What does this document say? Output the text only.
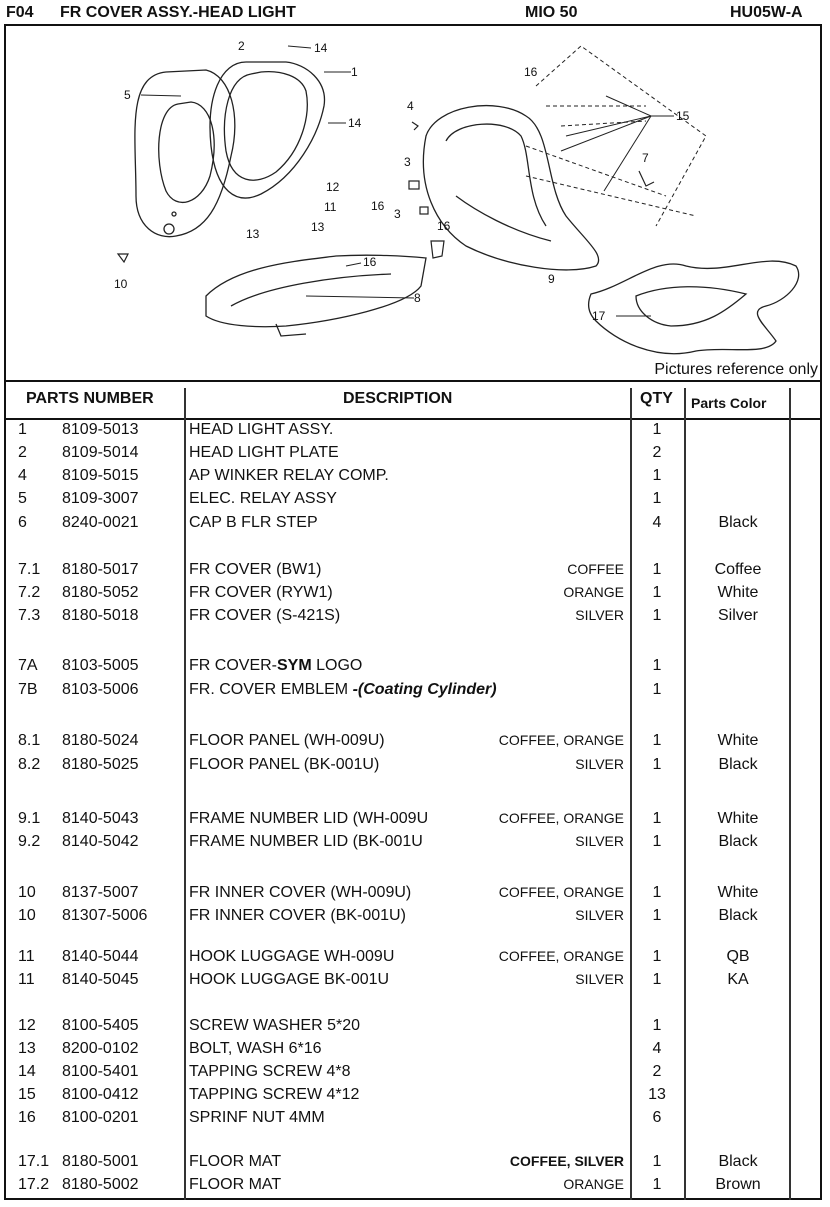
F04 FR COVER ASSY.-HEAD LIGHT	MIO 50	HU05W-A
5
1
2	14
14
4
3
3
16
15
7
9
17
8
10
11
12
13	13
16
16
16
Pictures reference only
PARTS NUMBER	DESCRIPTION	QTY Parts Color
1	8109-5013	HEAD LIGHT ASSY.	1
2	8109-5014	HEAD LIGHT PLATE	2
4	8109-5015	AP WINKER RELAY COMP.	1
5	8109-3007	ELEC. RELAY ASSY	1
6	8240-0021	CAP B FLR STEP	4	Black
7.1	8180-5017	FR COVER (BW1)	COFFEE	1	Coffee
7.2	8180-5052	FR COVER (RYW1)	ORANGE	1	White
7.3	8180-5018	FR COVER (S-421S)	SILVER	1	Silver
7A	8103-5005	FR COVER-SYM LOGO	1
7B	8103-5006	FR. COVER EMBLEM -(Coating Cylinder)	1
8.1	8180-5024	FLOOR PANEL (WH-009U)	COFFEE, ORANGE	1	White
8.2	8180-5025	FLOOR PANEL (BK-001U)	SILVER	1	Black
9.1	8140-5043	FRAME NUMBER LID (WH-009U	COFFEE, ORANGE	1	White
9.2	8140-5042	FRAME NUMBER LID (BK-001U	SILVER	1	Black
10	8137-5007	FR INNER COVER (WH-009U)	COFFEE, ORANGE	1	White
10	81307-5006	FR INNER COVER (BK-001U)	SILVER	1	Black
11	8140-5044	HOOK LUGGAGE WH-009U	COFFEE, ORANGE	1	QB
11	8140-5045	HOOK LUGGAGE BK-001U	SILVER	1	KA
12	8100-5405	SCREW WASHER 5*20	1
13	8200-0102	BOLT, WASH 6*16	4
14	8100-5401	TAPPING SCREW 4*8	2
15	8100-0412	TAPPING SCREW 4*12	13
16	8100-0201	SPRINF NUT 4MM	6
17.1 8180-5001	FLOOR MAT	COFFEE, SILVER	1	Black
17.2 8180-5002	FLOOR MAT	ORANGE	1	Brown
